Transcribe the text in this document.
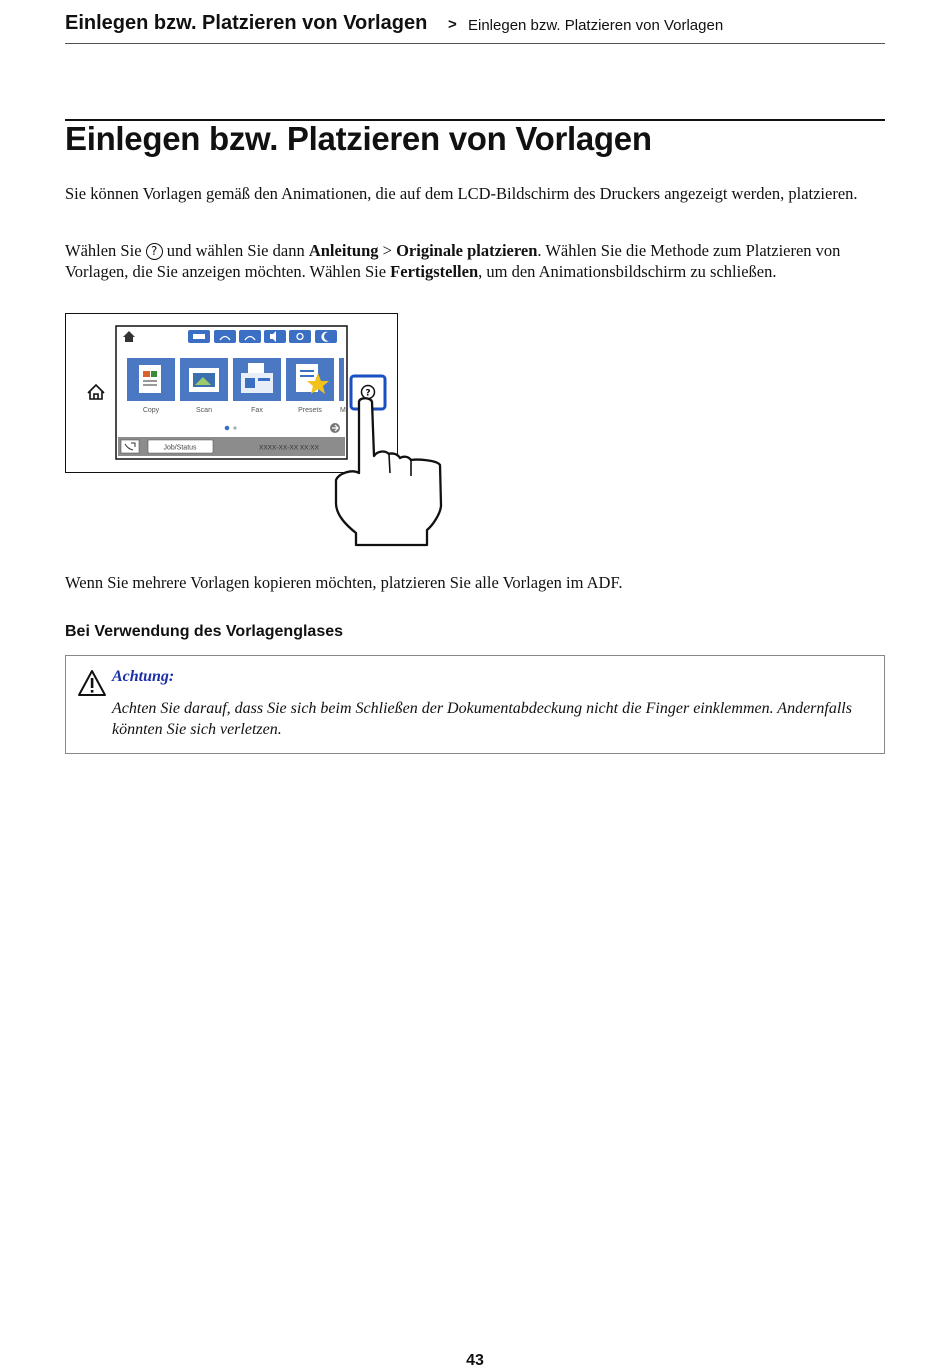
Einlegen bzw. Platzieren von Vorlagen > Einlegen bzw. Platzieren von Vorlagen
Einlegen bzw. Platzieren von Vorlagen

Sie können Vorlagen gemäß den Animationen, die auf dem LCD-Bildschirm des Druckers angezeigt werden, platzieren.

Wählen Sie ? und wählen Sie dann Anleitung > Originale platzieren. Wählen Sie die Methode zum Platzieren von Vorlagen, die Sie anzeigen möchten. Wählen Sie Fertigstellen, um den Animationsbildschirm zu schließen.

Copy	Scan	Fax	Presets	M
Job/Status	XXXX-XX-XX XX:XX
?

Wenn Sie mehrere Vorlagen kopieren möchten, platzieren Sie alle Vorlagen im ADF.

Bei Verwendung des Vorlagenglases
Achtung:

Achten Sie darauf, dass Sie sich beim Schließen der Dokumentabdeckung nicht die Finger einklemmen. Andernfalls könnten Sie sich verletzen.

43
